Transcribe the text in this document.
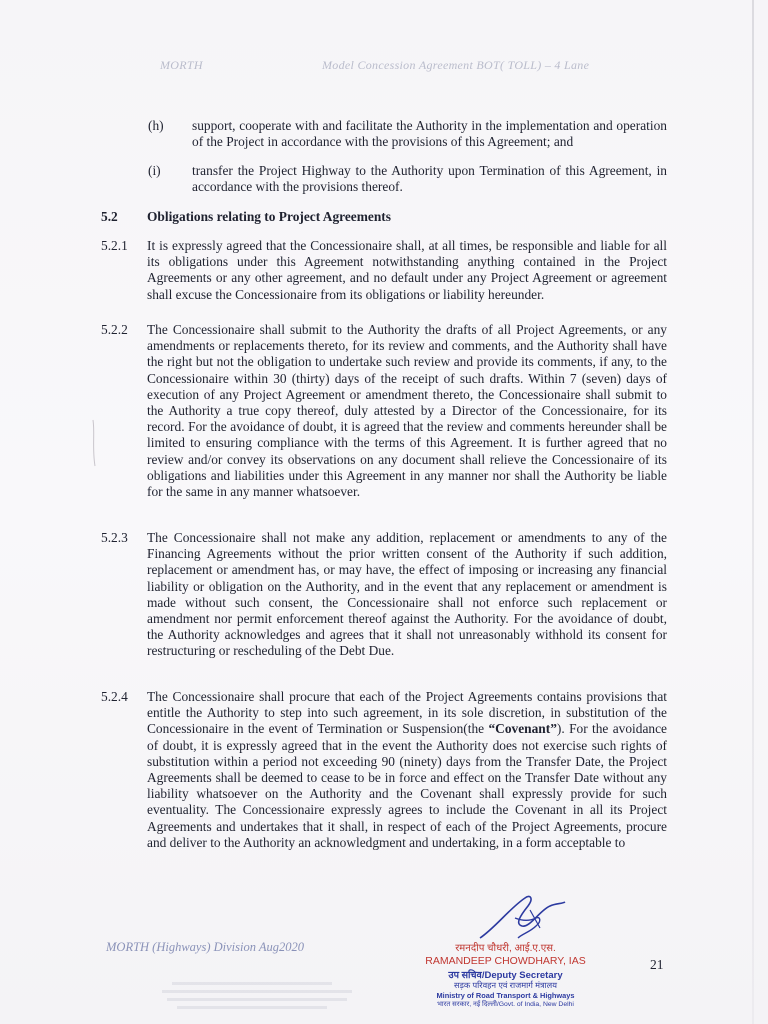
MORTH	Model Concession Agreement BOT( TOLL) – 4 Lane
(h) support, cooperate with and facilitate the Authority in the implementation and operation of the Project in accordance with the provisions of this Agreement; and
(i) transfer the Project Highway to the Authority upon Termination of this Agreement, in accordance with the provisions thereof.
5.2 Obligations relating to Project Agreements
5.2.1 It is expressly agreed that the Concessionaire shall, at all times, be responsible and liable for all its obligations under this Agreement notwithstanding anything contained in the Project Agreements or any other agreement, and no default under any Project Agreement or agreement shall excuse the Concessionaire from its obligations or liability hereunder.
5.2.2 The Concessionaire shall submit to the Authority the drafts of all Project Agreements, or any amendments or replacements thereto, for its review and comments, and the Authority shall have the right but not the obligation to undertake such review and provide its comments, if any, to the Concessionaire within 30 (thirty) days of the receipt of such drafts. Within 7 (seven) days of execution of any Project Agreement or amendment thereto, the Concessionaire shall submit to the Authority a true copy thereof, duly attested by a Director of the Concessionaire, for its record. For the avoidance of doubt, it is agreed that the review and comments hereunder shall be limited to ensuring compliance with the terms of this Agreement. It is further agreed that no review and/or convey its observations on any document shall relieve the Concessionaire of its obligations and liabilities under this Agreement in any manner nor shall the Authority be liable for the same in any manner whatsoever.
5.2.3 The Concessionaire shall not make any addition, replacement or amendments to any of the Financing Agreements without the prior written consent of the Authority if such addition, replacement or amendment has, or may have, the effect of imposing or increasing any financial liability or obligation on the Authority, and in the event that any replacement or amendment is made without such consent, the Concessionaire shall not enforce such replacement or amendment nor permit enforcement thereof against the Authority. For the avoidance of doubt, the Authority acknowledges and agrees that it shall not unreasonably withhold its consent for restructuring or rescheduling of the Debt Due.
5.2.4 The Concessionaire shall procure that each of the Project Agreements contains provisions that entitle the Authority to step into such agreement, in its sole discretion, in substitution of the Concessionaire in the event of Termination or Suspension(the “Covenant”). For the avoidance of doubt, it is expressly agreed that in the event the Authority does not exercise such rights of substitution within a period not exceeding 90 (ninety) days from the Transfer Date, the Project Agreements shall be deemed to cease to be in force and effect on the Transfer Date without any liability whatsoever on the Authority and the Covenant shall expressly provide for such eventuality. The Concessionaire expressly agrees to include the Covenant in all its Project Agreements and undertakes that it shall, in respect of each of the Project Agreements, procure and deliver to the Authority an acknowledgment and undertaking, in a form acceptable to
MORTH (Highways) Division Aug2020
21
रमनदीप चौधरी, आई.ए.एस.
RAMANDEEP CHOWDHARY, IAS
उप सचिव/Deputy Secretary
सड़क परिवहन एवं राजमार्ग मंत्रालय
Ministry of Road Transport & Highways
भारत सरकार, नई दिल्ली/Govt. of India, New Delhi
